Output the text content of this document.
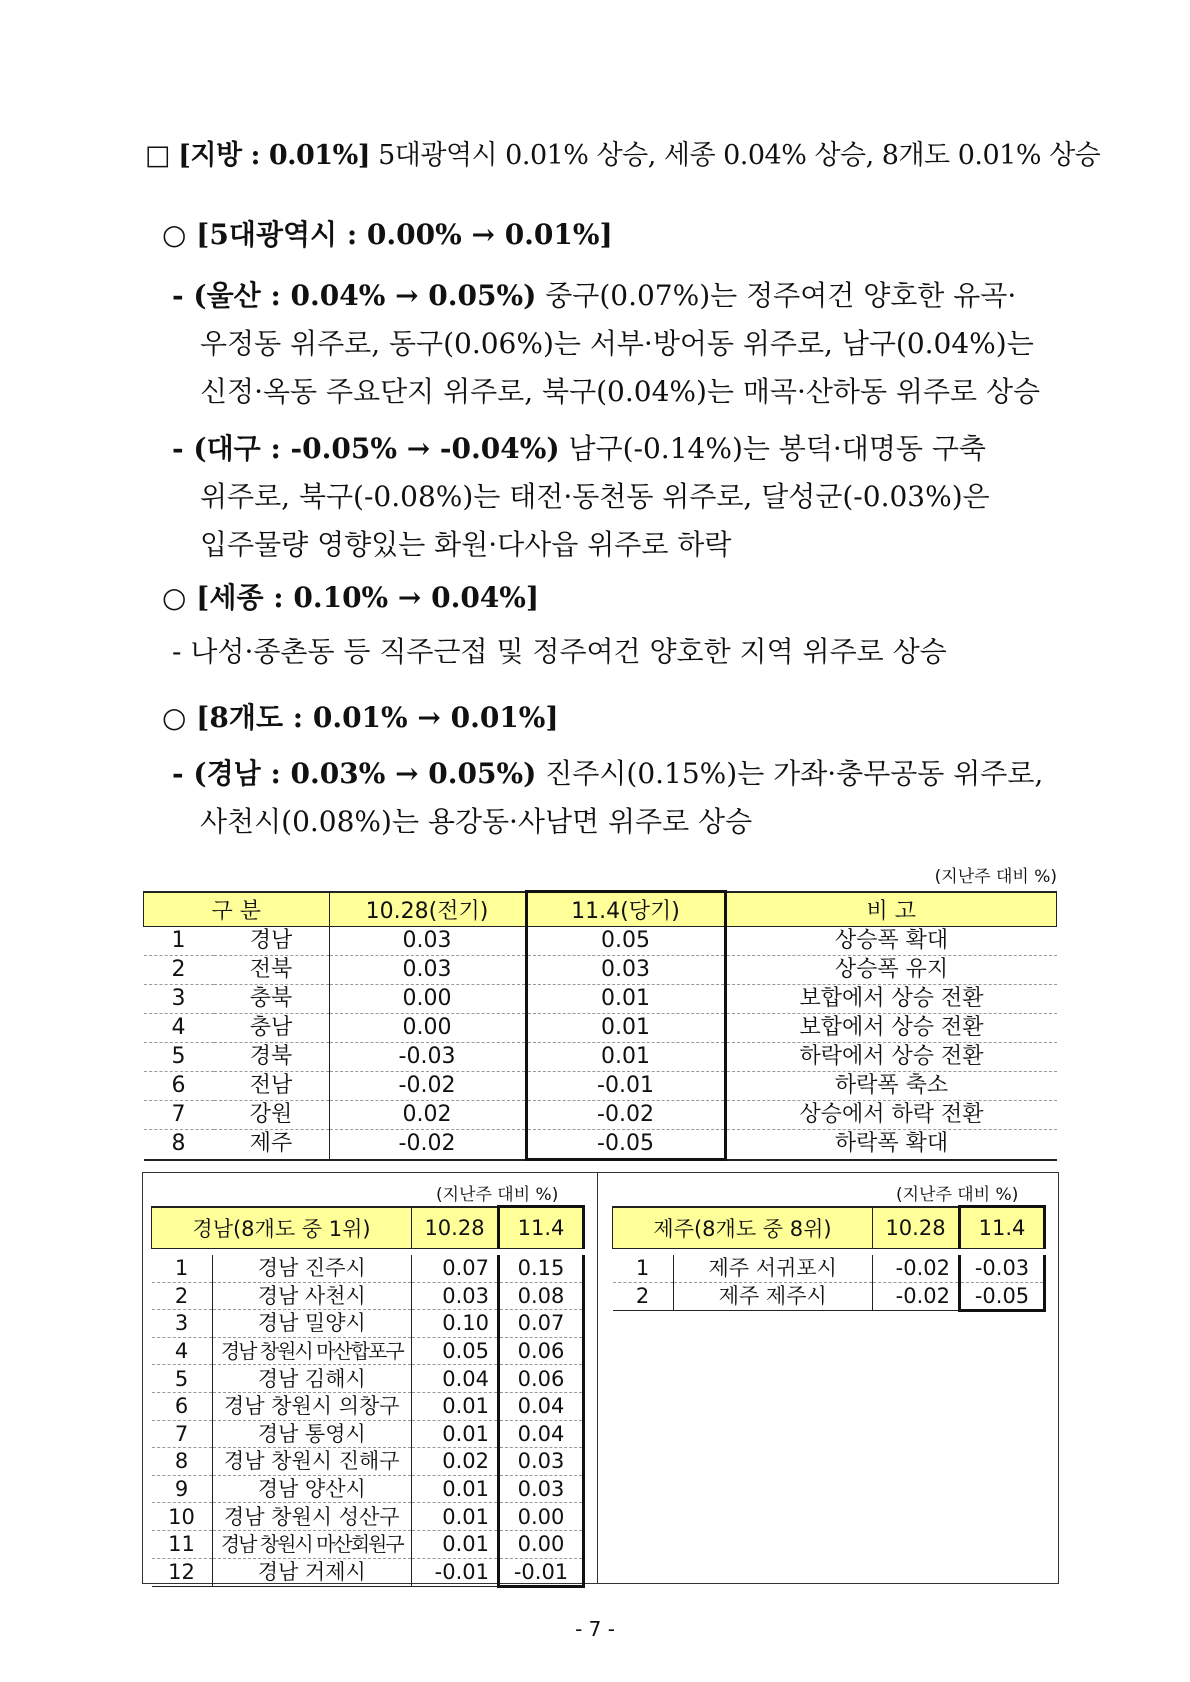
□ [지방 : 0.01%] 5대광역시 0.01% 상승, 세종 0.04% 상승, 8개도 0.01% 상승
○ [5대광역시 : 0.00% → 0.01%]
- (울산 : 0.04% → 0.05%) 중구(0.07%)는 정주여건 양호한 유곡·
우정동 위주로, 동구(0.06%)는 서부·방어동 위주로, 남구(0.04%)는
신정·옥동 주요단지 위주로, 북구(0.04%)는 매곡·산하동 위주로 상승
- (대구 : -0.05% → -0.04%) 남구(-0.14%)는 봉덕·대명동 구축
위주로, 북구(-0.08%)는 태전·동천동 위주로, 달성군(-0.03%)은
입주물량 영향있는 화원·다사읍 위주로 하락
○ [세종 : 0.10% → 0.04%]
- 나성·종촌동 등 직주근접 및 정주여건 양호한 지역 위주로 상승
○ [8개도 : 0.01% → 0.01%]
- (경남 : 0.03% → 0.05%) 진주시(0.15%)는 가좌·충무공동 위주로,
사천시(0.08%)는 용강동·사남면 위주로 상승
(지난주 대비 %)
구 분		10.28(전기)	11.4(당기)	비 고
1	경남	0.03	0.05	상승폭 확대
2	전북	0.03	0.03	상승폭 유지
3	충북	0.00	0.01	보합에서 상승 전환
4	충남	0.00	0.01	보합에서 상승 전환
5	경북	-0.03	0.01	하락에서 상승 전환
6	전남	-0.02	-0.01	하락폭 축소
7	강원	0.02	-0.02	상승에서 하락 전환
8	제주	-0.02	-0.05	하락폭 확대
(지난주 대비 %)
경남(8개도 중 1위)		10.28	11.4

1	경남 진주시	0.07	0.15
2	경남 사천시	0.03	0.08
3	경남 밀양시	0.10	0.07
4	경남 창원시 마산합포구	0.05	0.06
5	경남 김해시	0.04	0.06
6	경남 창원시 의창구	0.01	0.04
7	경남 통영시	0.01	0.04
8	경남 창원시 진해구	0.02	0.03
9	경남 양산시	0.01	0.03
10	경남 창원시 성산구	0.01	0.00
11	경남 창원시 마산회원구	0.01	0.00
12	경남 거제시	-0.01	-0.01
(지난주 대비 %)
제주(8개도 중 8위)		10.28	11.4

1	제주 서귀포시	-0.02	-0.03
2	제주 제주시	-0.02	-0.05
- 7 -
